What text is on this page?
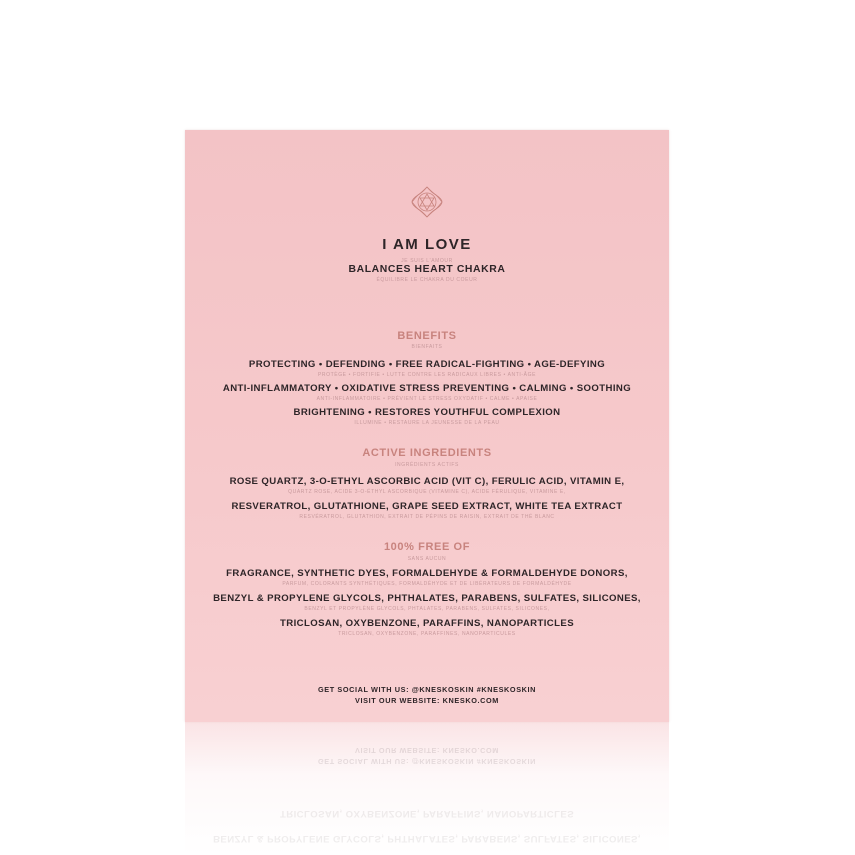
I AM LOVE
JE SUIS L'AMOUR
BALANCES HEART CHAKRA
ÉQUILIBRE LE CHAKRA DU COEUR
BENEFITS
BIENFAITS
PROTECTING • DEFENDING • FREE RADICAL-FIGHTING • AGE-DEFYING
PROTÈGE • FORTIFIE • LUTTE CONTRE LES RADICAUX LIBRES • ANTI-ÂGE
ANTI-INFLAMMATORY • OXIDATIVE STRESS PREVENTING • CALMING • SOOTHING
ANTI-INFLAMMATOIRE • PRÉVIENT LE STRESS OXYDATIF • CALME • APAISE
BRIGHTENING • RESTORES YOUTHFUL COMPLEXION
ILLUMINE • RESTAURE LA JEUNESSE DE LA PEAU
ACTIVE INGREDIENTS
INGRÉDIENTS ACTIFS
ROSE QUARTZ, 3-O-ETHYL ASCORBIC ACID (VIT C), FERULIC ACID, VITAMIN E,
QUARTZ ROSE, ACIDE 3-O-ÉTHYL ASCORBIQUE (VITAMINE C), ACIDE FÉRULIQUE, VITAMINE E,
RESVERATROL, GLUTATHIONE, GRAPE SEED EXTRACT, WHITE TEA EXTRACT
RESVÉRATROL, GLUTATHION, EXTRAIT DE PÉPINS DE RAISIN, EXTRAIT DE THÉ BLANC
100% FREE OF
SANS AUCUN
FRAGRANCE, SYNTHETIC DYES, FORMALDEHYDE & FORMALDEHYDE DONORS,
PARFUM, COLORANTS SYNTHÉTIQUES, FORMALDÉHYDE ET DE LIBÉRATEURS DE FORMALDÉHYDE
BENZYL & PROPYLENE GLYCOLS, PHTHALATES, PARABENS, SULFATES, SILICONES,
BENZYL ET PROPYLÈNE GLYCOLS, PHTALATES, PARABENS, SULFATES, SILICONES,
TRICLOSAN, OXYBENZONE, PARAFFINS, NANOPARTICLES
TRICLOSAN, OXYBENZONE, PARAFFINES, NANOPARTICULES
GET SOCIAL WITH US: @KNESKOSKIN #KNESKOSKIN
VISIT OUR WEBSITE: KNESKO.COM
VISIT OUR WEBSITE: KNESKO.COM
GET SOCIAL WITH US: @KNESKOSKIN #KNESKOSKIN
TRICLOSAN, OXYBENZONE, PARAFFINS, NANOPARTICLES
BENZYL & PROPYLENE GLYCOLS, PHTHALATES, PARABENS, SULFATES, SILICONES,
